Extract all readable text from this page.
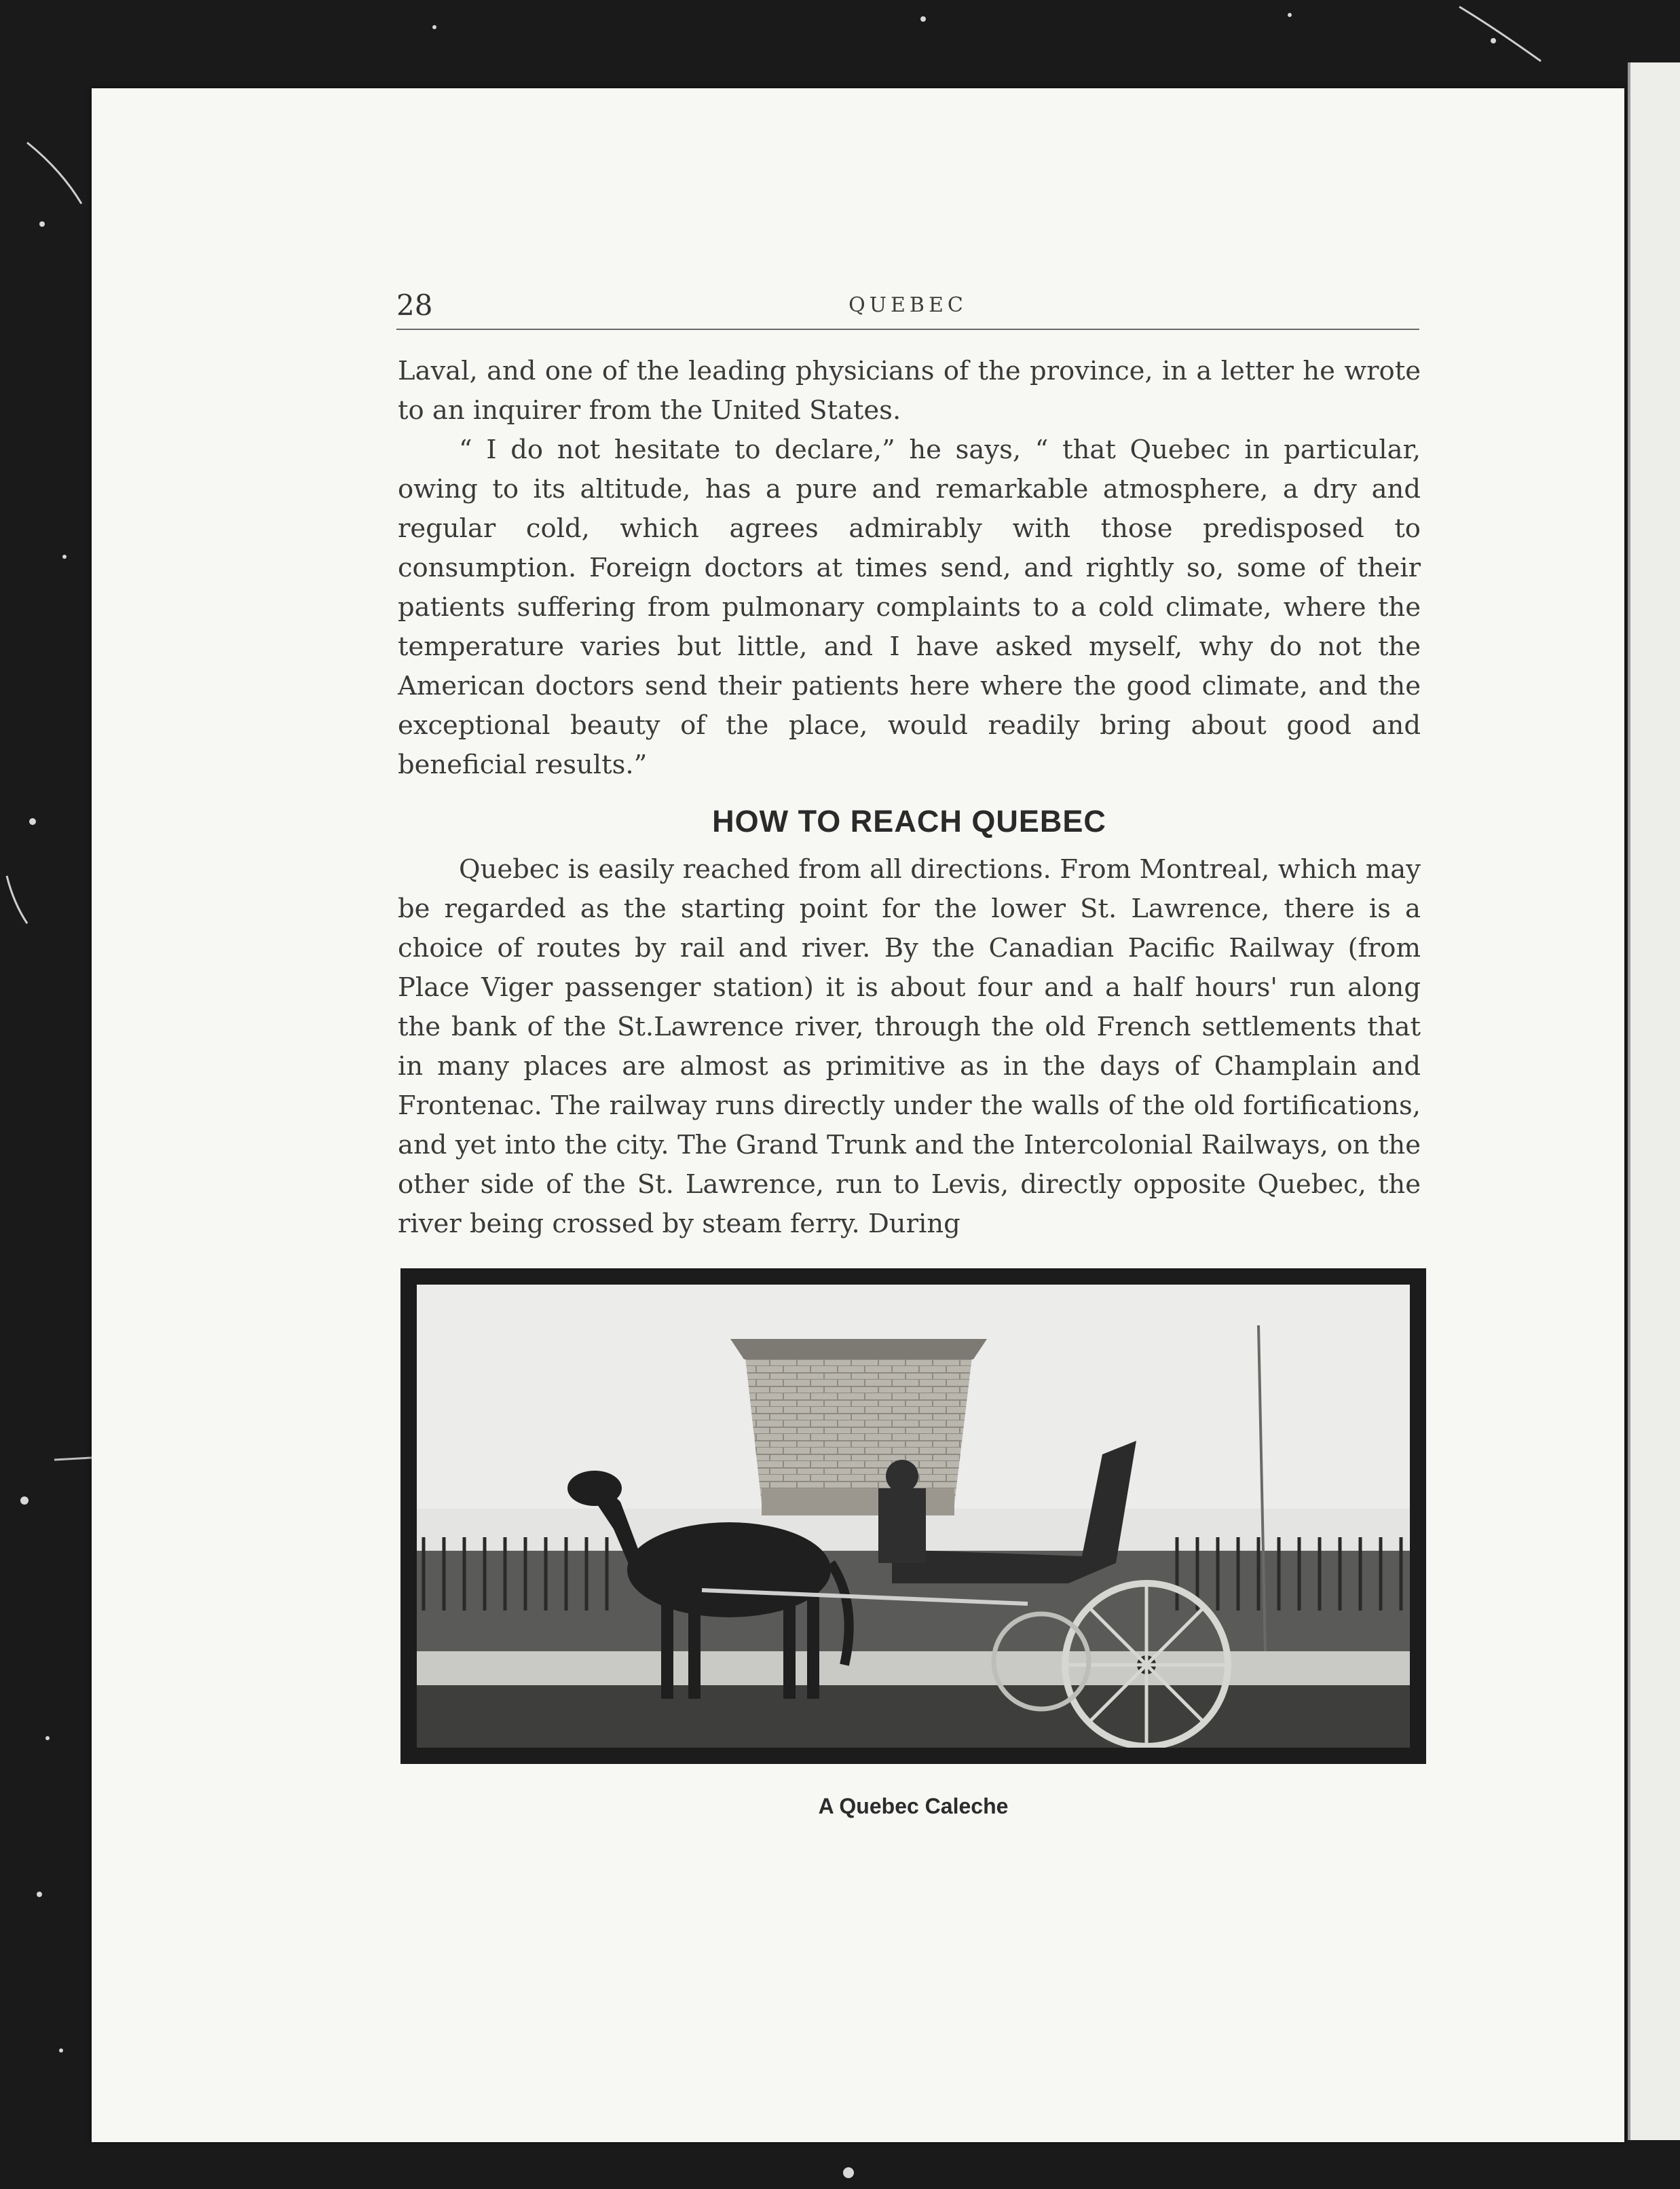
28	QUEBEC

Laval, and one of the leading physicians of the province, in a letter he wrote to an inquirer from the United States.

“ I do not hesitate to declare,” he says, “ that Quebec in particular, owing to its altitude, has a pure and remarkable atmosphere, a dry and regular cold, which agrees admirably with those predisposed to consumption. Foreign doctors at times send, and rightly so, some of their patients suffering from pulmonary complaints to a cold climate, where the temperature varies but little, and I have asked myself, why do not the American doctors send their patients here where the good climate, and the exceptional beauty of the place, would readily bring about good and beneficial results.”

HOW TO REACH QUEBEC

Quebec is easily reached from all directions. From Montreal, which may be regarded as the starting point for the lower St. Lawrence, there is a choice of routes by rail and river. By the Canadian Pacific Railway (from Place Viger passenger station) it is about four and a half hours' run along the bank of the St.Lawrence river, through the old French settlements that in many places are almost as primitive as in the days of Champlain and Frontenac. The railway runs directly under the walls of the old fortifications, and yet into the city. The Grand Trunk and the Intercolonial Railways, on the other side of the St. Lawrence, run to Levis, directly opposite Quebec, the river being crossed by steam ferry. During

A Quebec Caleche
